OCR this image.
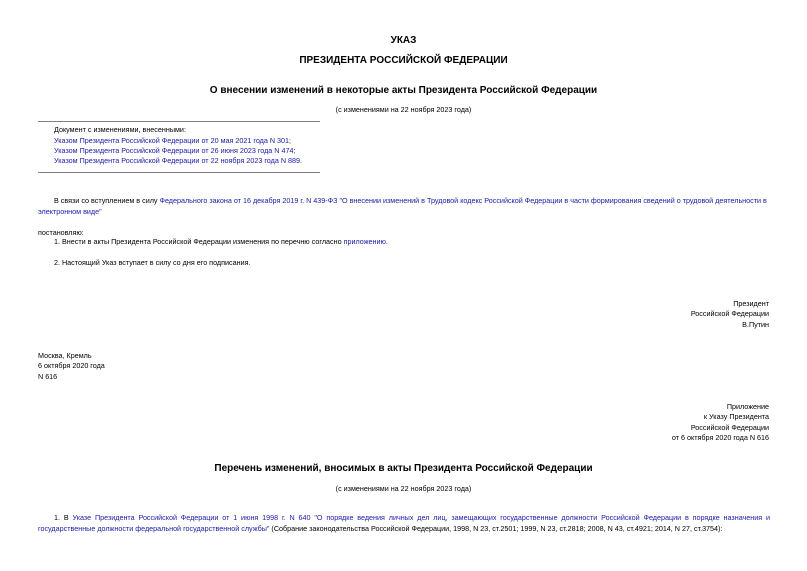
УКАЗ
ПРЕЗИДЕНТА РОССИЙСКОЙ ФЕДЕРАЦИИ
О внесении изменений в некоторые акты Президента Российской Федерации
(с изменениями на 22 ноября 2023 года)
Документ с изменениями, внесенными:
Указом Президента Российской Федерации от 20 мая 2021 года N 301;
Указом Президента Российской Федерации от 26 июня 2023 года N 474;
Указом Президента Российской Федерации от 22 ноября 2023 года N 889.
В связи со вступлением в силу Федерального закона от 16 декабря 2019 г. N 439-ФЗ "О внесении изменений в Трудовой кодекс Российской Федерации в части формирования сведений о трудовой деятельности в электронном виде"
постановляю:
1. Внести в акты Президента Российской Федерации изменения по перечню согласно приложению.
2. Настоящий Указ вступает в силу со дня его подписания.
Президент
Российской Федерации
В.Путин
Москва, Кремль
6 октября 2020 года
N 616
Приложение
к Указу Президента
Российской Федерации
от 6 октября 2020 года N 616
Перечень изменений, вносимых в акты Президента Российской Федерации
(с изменениями на 22 ноября 2023 года)
1. В Указе Президента Российской Федерации от 1 июня 1998 г. N 640 "О порядке ведения личных дел лиц, замещающих государственные должности Российской Федерации в порядке назначения и государственные должности федеральной государственной службы" (Собрание законодательства Российской Федерации, 1998, N 23, ст.2501; 1999, N 23, ст.2818; 2008, N 43, ст.4921; 2014, N 27, ст.3754):
